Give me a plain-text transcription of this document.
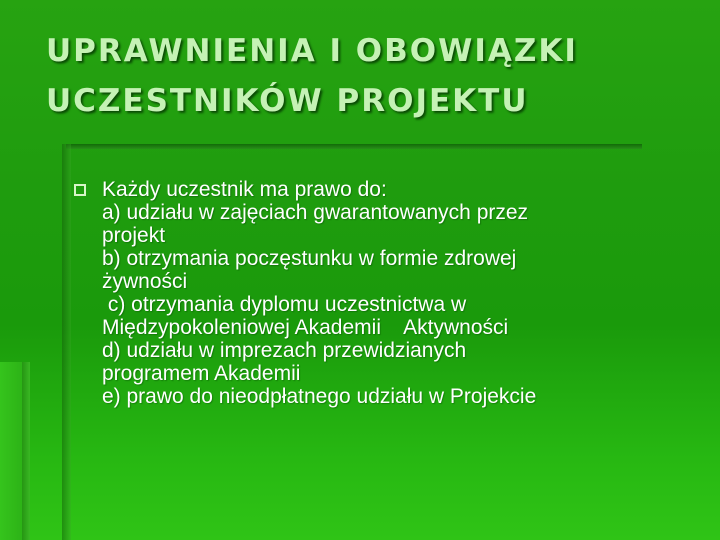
UPRAWNIENIA I OBOWIĄZKI
UCZESTNIKÓW PROJEKTU
Każdy uczestnik ma prawo do:
a) udziału w zajęciach gwarantowanych przez
projekt
b) otrzymania poczęstunku w formie zdrowej
żywności
c) otrzymania dyplomu uczestnictwa w
Międzypokoleniowej Akademii    Aktywności
d) udziału w imprezach przewidzianych
programem Akademii
e) prawo do nieodpłatnego udziału w Projekcie
